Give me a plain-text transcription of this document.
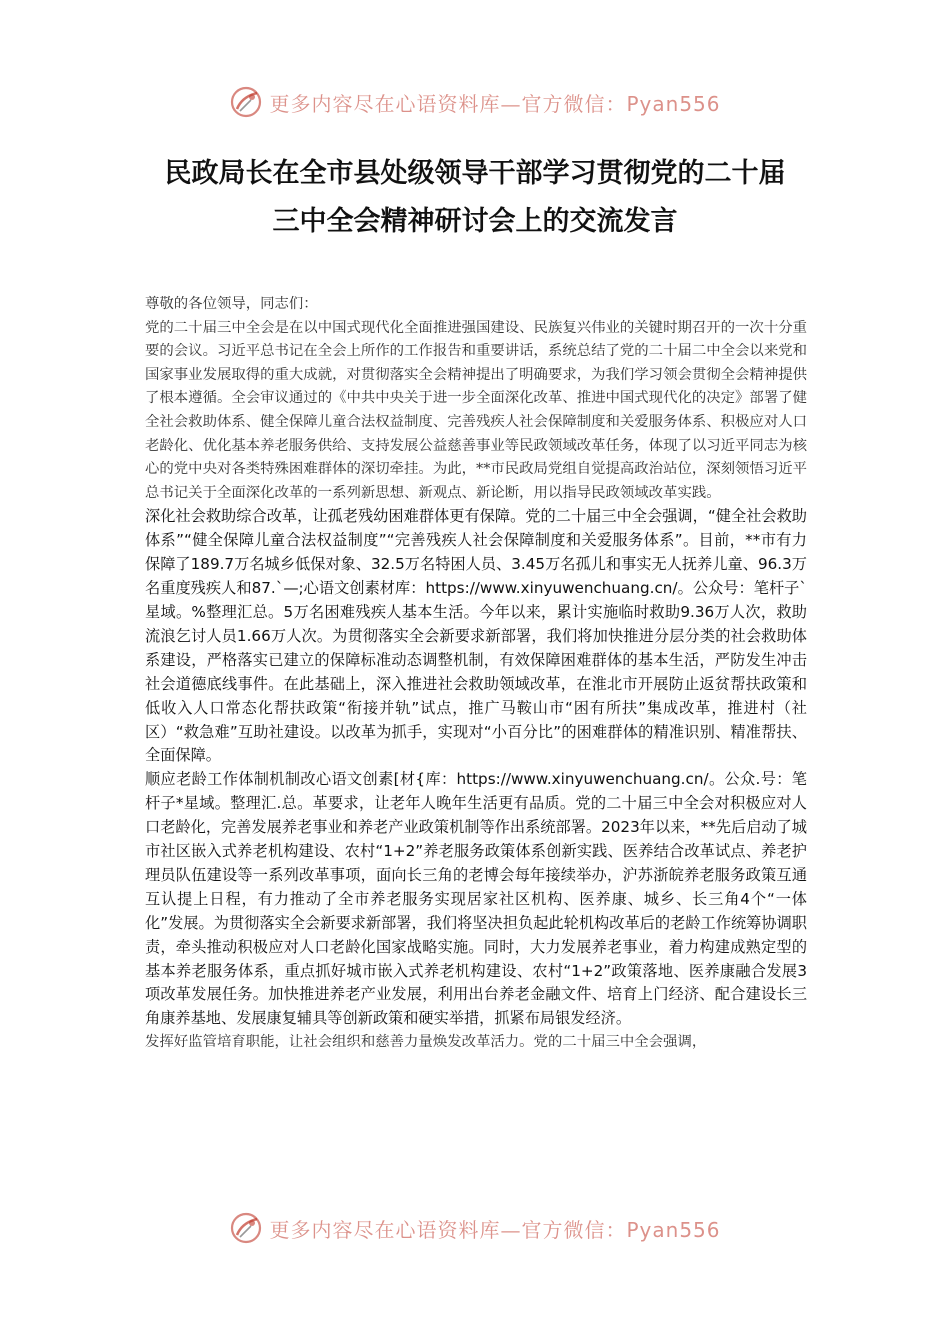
更多内容尽在心语资料库—官方微信：Pyan556
民政局长在全市县处级领导干部学习贯彻党的二十届
三中全会精神研讨会上的交流发言

尊敬的各位领导，同志们：

党的二十届三中全会是在以中国式现代化全面推进强国建设、民族复兴伟业的关键时期召开的一次十分重要的会议。习近平总书记在全会上所作的工作报告和重要讲话，系统总结了党的二十届二中全会以来党和国家事业发展取得的重大成就，对贯彻落实全会精神提出了明确要求，为我们学习领会贯彻全会精神提供了根本遵循。全会审议通过的《中共中央关于进一步全面深化改革、推进中国式现代化的决定》部署了健全社会救助体系、健全保障儿童合法权益制度、完善残疾人社会保障制度和关爱服务体系、积极应对人口老龄化、优化基本养老服务供给、支持发展公益慈善事业等民政领域改革任务，体现了以习近平同志为核心的党中央对各类特殊困难群体的深切牵挂。为此，**市民政局党组自觉提高政治站位，深刻领悟习近平总书记关于全面深化改革的一系列新思想、新观点、新论断，用以指导民政领域改革实践。

深化社会救助综合改革，让孤老残幼困难群体更有保障。党的二十届三中全会强调，“健全社会救助体系”“健全保障儿童合法权益制度”“完善残疾人社会保障制度和关爱服务体系”。目前，**市有力保障了189.7万名城乡低保对象、32.5万名特困人员、3.45万名孤儿和事实无人抚养儿童、96.3万名重度残疾人和87.`—;心语文创素材库：https://www.xinyuwenchuang.cn/。公众号：笔杆子`星域。%整理汇总。5万名困难残疾人基本生活。今年以来，累计实施临时救助9.36万人次，救助流浪乞讨人员1.66万人次。为贯彻落实全会新要求新部署，我们将加快推进分层分类的社会救助体系建设，严格落实已建立的保障标准动态调整机制，有效保障困难群体的基本生活，严防发生冲击社会道德底线事件。在此基础上，深入推进社会救助领域改革，在淮北市开展防止返贫帮扶政策和低收入人口常态化帮扶政策“衔接并轨”试点，推广马鞍山市“困有所扶”集成改革，推进村（社区）“救急难”互助社建设。以改革为抓手，实现对“小百分比”的困难群体的精准识别、精准帮扶、全面保障。

顺应老龄工作体制机制改心语文创素[材{库：https://www.xinyuwenchuang.cn/。公众.号：笔杆子*星域。整理汇.总。革要求，让老年人晚年生活更有品质。党的二十届三中全会对积极应对人口老龄化，完善发展养老事业和养老产业政策机制等作出系统部署。2023年以来，**先后启动了城市社区嵌入式养老机构建设、农村“1+2”养老服务政策体系创新实践、医养结合改革试点、养老护理员队伍建设等一系列改革事项，面向长三角的老博会每年接续举办，沪苏浙皖养老服务政策互通互认提上日程，有力推动了全市养老服务实现居家社区机构、医养康、城乡、长三角4个“一体化”发展。为贯彻落实全会新要求新部署，我们将坚决担负起此轮机构改革后的老龄工作统筹协调职责，牵头推动积极应对人口老龄化国家战略实施。同时，大力发展养老事业，着力构建成熟定型的基本养老服务体系，重点抓好城市嵌入式养老机构建设、农村“1+2”政策落地、医养康融合发展3项改革发展任务。加快推进养老产业发展，利用出台养老金融文件、培育上门经济、配合建设长三角康养基地、发展康复辅具等创新政策和硬实举措，抓紧布局银发经济。

发挥好监管培育职能，让社会组织和慈善力量焕发改革活力。党的二十届三中全会强调，

更多内容尽在心语资料库—官方微信：Pyan556
